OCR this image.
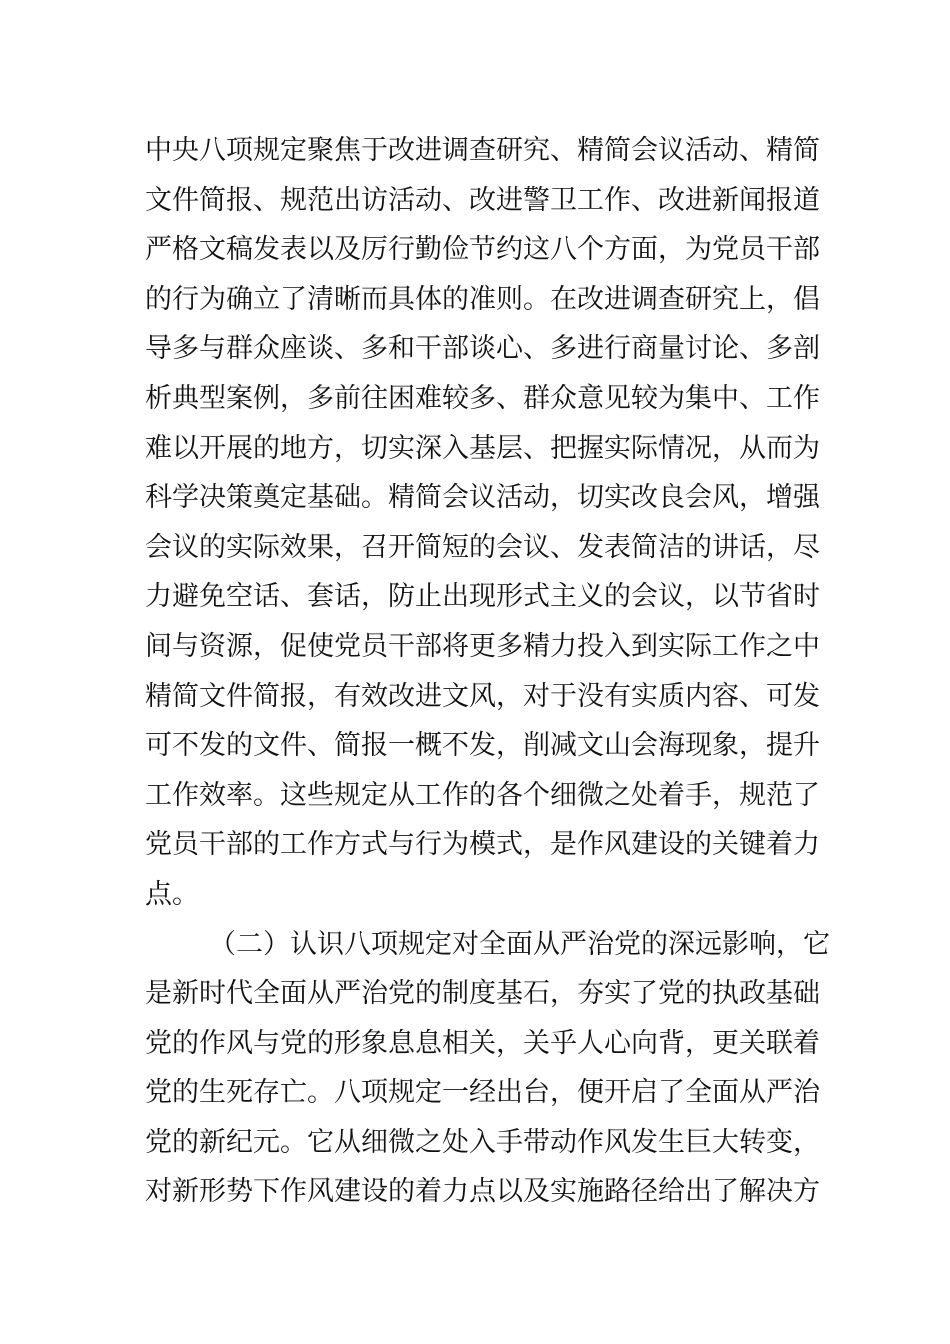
中央八项规定聚焦于改进调查研究、精简会议活动、精简
文件简报、规范出访活动、改进警卫工作、改进新闻报道
严格文稿发表以及厉行勤俭节约这八个方面，为党员干部
的行为确立了清晰而具体的准则。在改进调查研究上，倡
导多与群众座谈、多和干部谈心、多进行商量讨论、多剖
析典型案例，多前往困难较多、群众意见较为集中、工作
难以开展的地方，切实深入基层、把握实际情况，从而为
科学决策奠定基础。精简会议活动，切实改良会风，增强
会议的实际效果，召开简短的会议、发表简洁的讲话，尽
力避免空话、套话，防止出现形式主义的会议，以节省时
间与资源，促使党员干部将更多精力投入到实际工作之中
精简文件简报，有效改进文风，对于没有实质内容、可发
可不发的文件、简报一概不发，削减文山会海现象，提升
工作效率。这些规定从工作的各个细微之处着手，规范了
党员干部的工作方式与行为模式，是作风建设的关键着力
点。
（二）认识八项规定对全面从严治党的深远影响，它
是新时代全面从严治党的制度基石，夯实了党的执政基础
党的作风与党的形象息息相关，关乎人心向背，更关联着
党的生死存亡。八项规定一经出台，便开启了全面从严治
党的新纪元。它从细微之处入手带动作风发生巨大转变，
对新形势下作风建设的着力点以及实施路径给出了解决方
